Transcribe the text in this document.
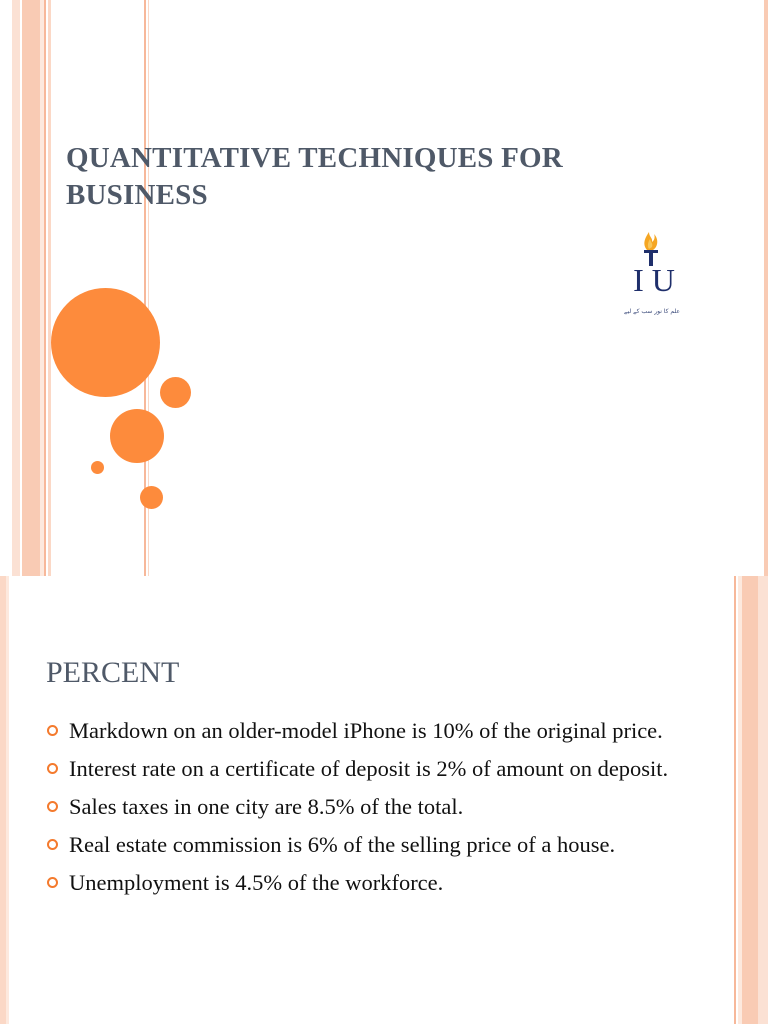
QUANTITATIVE TECHNIQUES FOR
BUSINESS
I U
علم کا نور سب کے لیے
PERCENT
Markdown on an older-model iPhone is 10% of the original price.
Interest rate on a certificate of deposit is 2% of amount on deposit.
Sales taxes in one city are 8.5% of the total.
Real estate commission is 6% of the selling price of a house.
Unemployment is 4.5% of the workforce.
